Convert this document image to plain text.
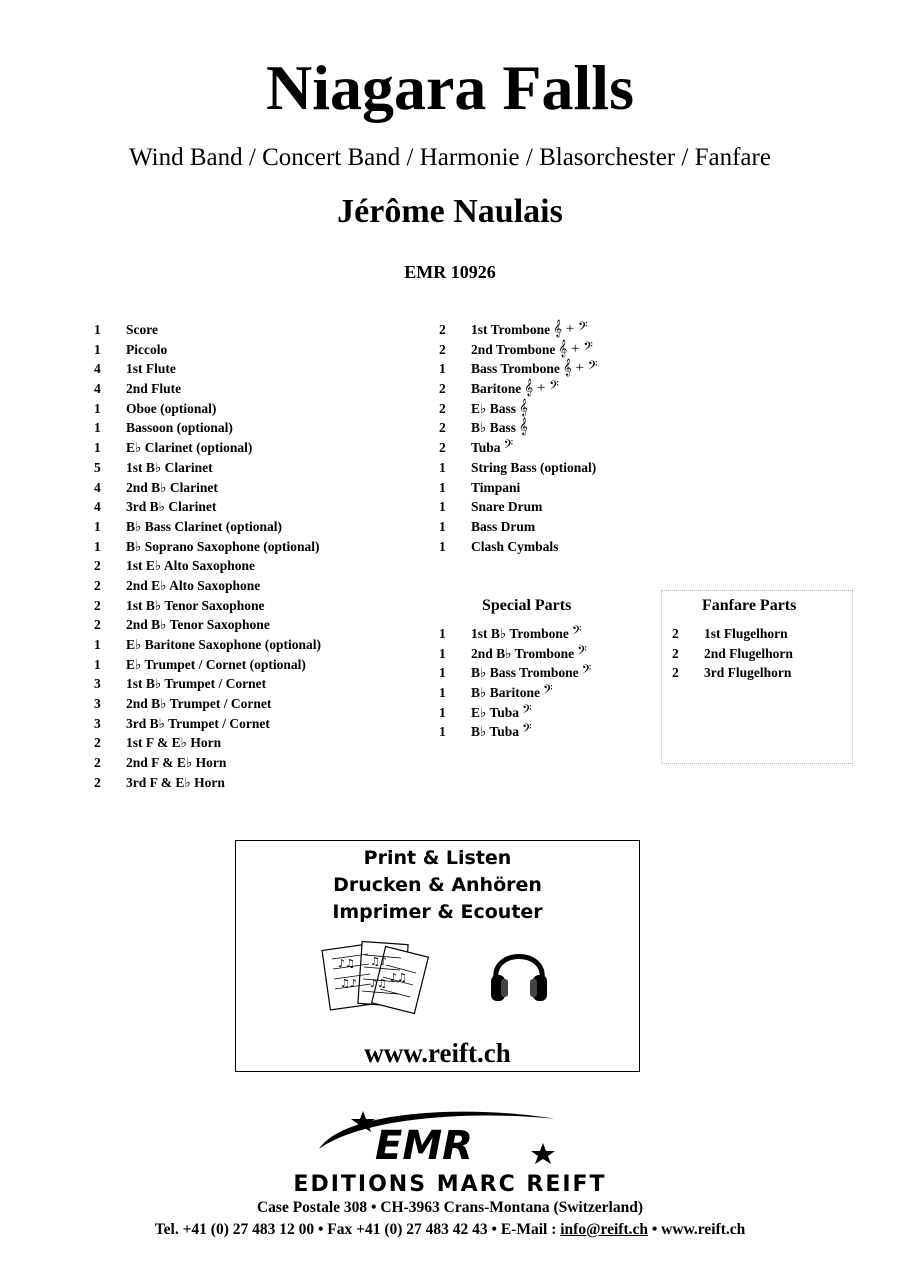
Niagara Falls
Wind Band / Concert Band / Harmonie / Blasorchester / Fanfare
Jérôme Naulais
EMR 10926
1	Score
1	Piccolo
4	1st Flute
4	2nd Flute
1	Oboe (optional)
1	Bassoon (optional)
1	E♭ Clarinet (optional)
5	1st B♭ Clarinet
4	2nd B♭ Clarinet
4	3rd B♭ Clarinet
1	B♭ Bass Clarinet (optional)
1	B♭ Soprano Saxophone (optional)
2	1st E♭ Alto Saxophone
2	2nd E♭ Alto Saxophone
2	1st B♭ Tenor Saxophone
2	2nd B♭ Tenor Saxophone
1	E♭ Baritone Saxophone (optional)
1	E♭ Trumpet / Cornet (optional)
3	1st B♭ Trumpet / Cornet
3	2nd B♭ Trumpet / Cornet
3	3rd B♭ Trumpet / Cornet
2	1st F & E♭ Horn
2	2nd F & E♭ Horn
2	3rd F & E♭ Horn
2	1st Trombone 𝄞 + 𝄢
2	2nd Trombone 𝄞 + 𝄢
1	Bass Trombone 𝄞 + 𝄢
2	Baritone 𝄞 + 𝄢
2	E♭ Bass 𝄞
2	B♭ Bass 𝄞
2	Tuba 𝄢
1	String Bass (optional)
1	Timpani
1	Snare Drum
1	Bass Drum
1	Clash Cymbals
Special Parts
1	1st B♭ Trombone 𝄢
1	2nd B♭ Trombone 𝄢
1	B♭ Bass Trombone 𝄢
1	B♭ Baritone 𝄢
1	E♭ Tuba 𝄢
1	B♭ Tuba 𝄢
Fanfare Parts
2	1st Flugelhorn
2	2nd Flugelhorn
2	3rd Flugelhorn
Print & Listen
Drucken & Anhören
Imprimer & Ecouter
♪♫
♫♪
♫♪
♪♫ ♪♫
www.reift.ch
EMR
EDITIONS MARC REIFT
Case Postale 308 • CH-3963 Crans-Montana (Switzerland)
Tel. +41 (0) 27 483 12 00 • Fax +41 (0) 27 483 42 43 • E-Mail : info@reift.ch • www.reift.ch
